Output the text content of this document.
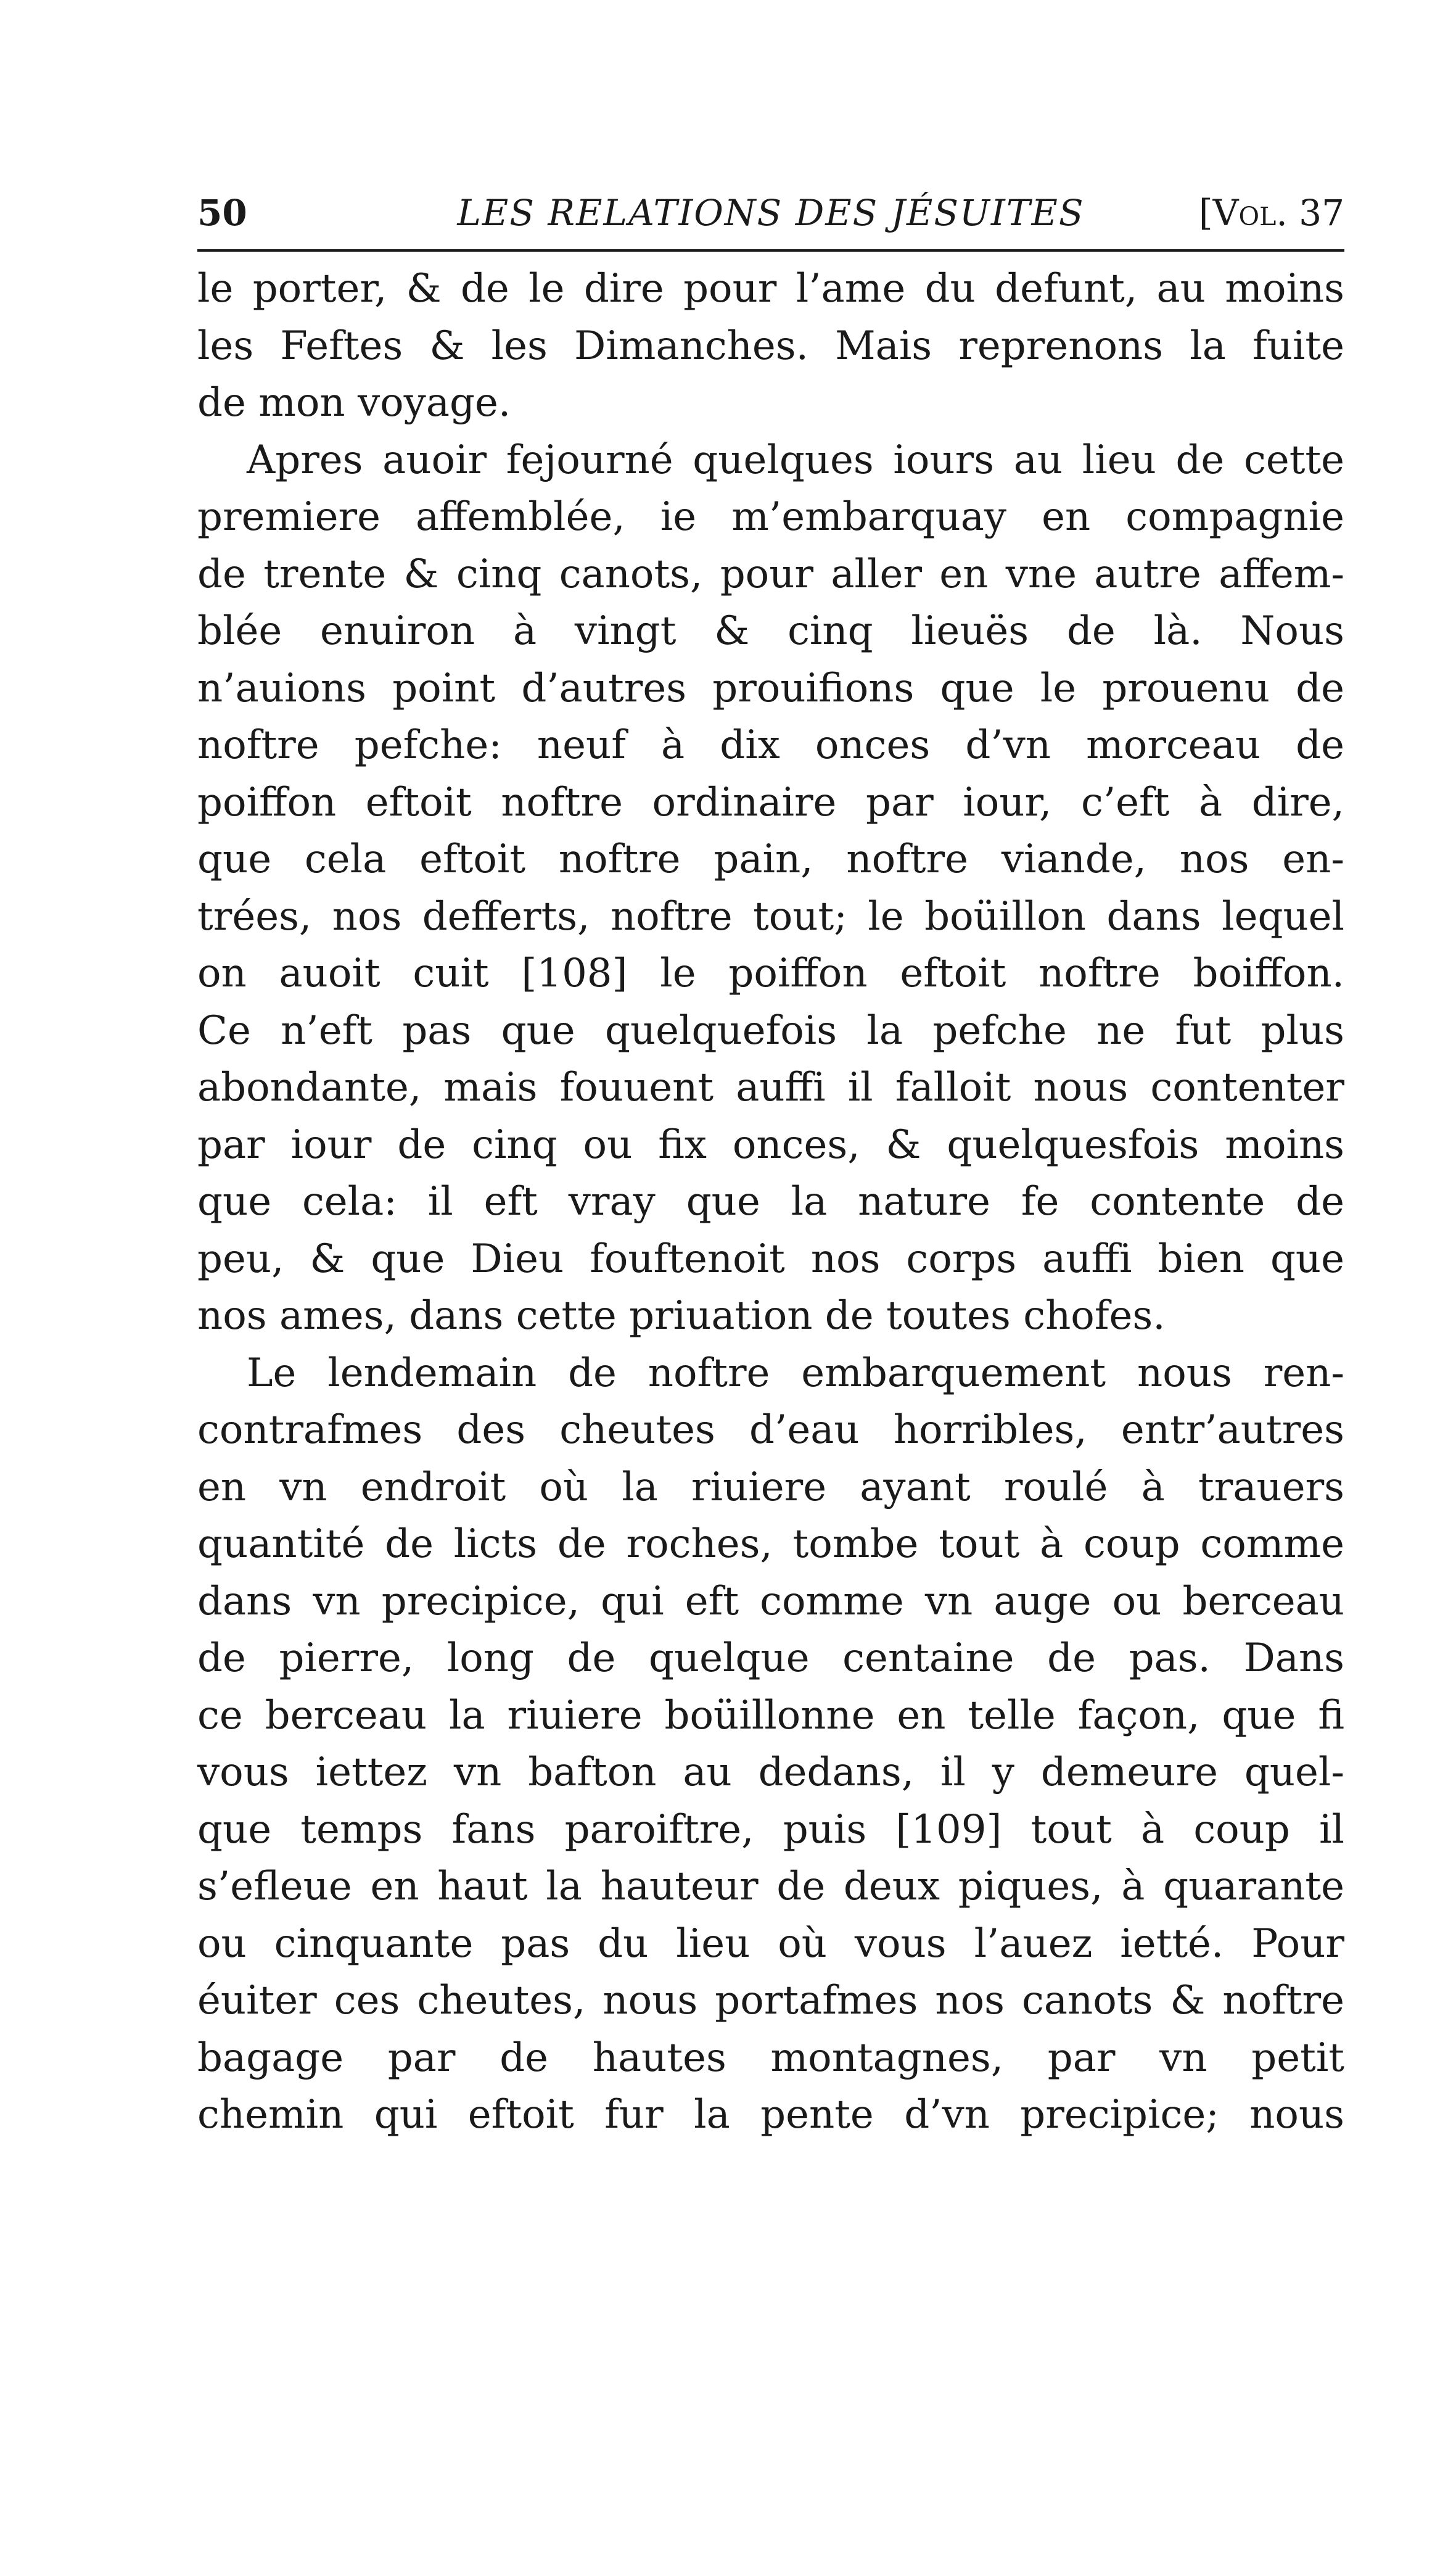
50	LES RELATIONS DES JÉSUITES	[Vol. 37
le porter, & de le dire pour l’ame du defunt, au moins
les Feftes & les Dimanches. Mais reprenons la fuite
de mon voyage.
Apres auoir fejourné quelques iours au lieu de cette
premiere affemblée, ie m’embarquay en compagnie
de trente & cinq canots, pour aller en vne autre affem-
blée enuiron à vingt & cinq lieuës de là. Nous
n’auions point d’autres prouifions que le prouenu de
noftre pefche: neuf à dix onces d’vn morceau de
poiffon eftoit noftre ordinaire par iour, c’eft à dire,
que cela eftoit noftre pain, noftre viande, nos en-
trées, nos defferts, noftre tout; le boüillon dans lequel
on auoit cuit [108] le poiffon eftoit noftre boiffon.
Ce n’eft pas que quelquefois la pefche ne fut plus
abondante, mais fouuent auffi il falloit nous contenter
par iour de cinq ou fix onces, & quelquesfois moins
que cela: il eft vray que la nature fe contente de
peu, & que Dieu fouftenoit nos corps auffi bien que
nos ames, dans cette priuation de toutes chofes.
Le lendemain de noftre embarquement nous ren-
contrafmes des cheutes d’eau horribles, entr’autres
en vn endroit où la riuiere ayant roulé à trauers
quantité de licts de roches, tombe tout à coup comme
dans vn precipice, qui eft comme vn auge ou berceau
de pierre, long de quelque centaine de pas. Dans
ce berceau la riuiere boüillonne en telle façon, que fi
vous iettez vn bafton au dedans, il y demeure quel-
que temps fans paroiftre, puis [109] tout à coup il
s’efleue en haut la hauteur de deux piques, à quarante
ou cinquante pas du lieu où vous l’auez ietté. Pour
éuiter ces cheutes, nous portafmes nos canots & noftre
bagage par de hautes montagnes, par vn petit
chemin qui eftoit fur la pente d’vn precipice; nous
